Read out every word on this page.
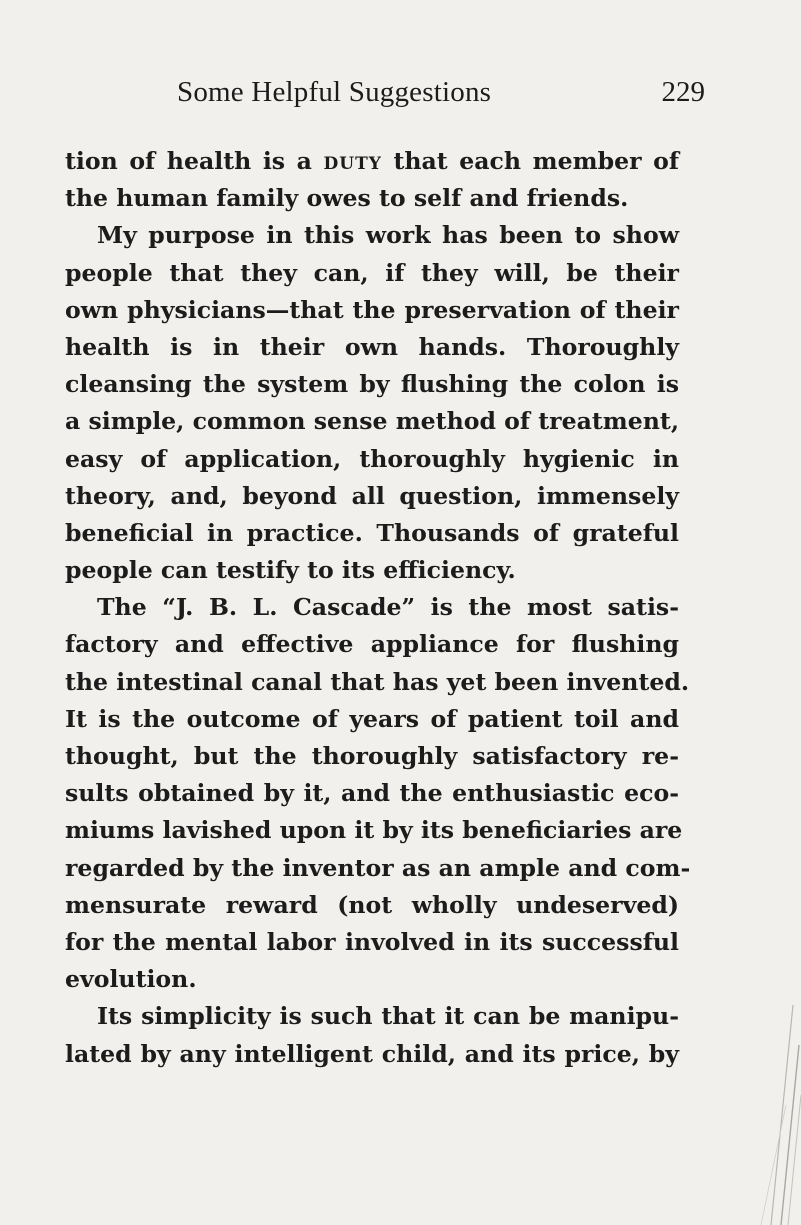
Some Helpful Suggestions	229
tion of health is a duty that each member of
the human family owes to self and friends.
My purpose in this work has been to show
people that they can, if they will, be their
own physicians—that the preservation of their
health is in their own hands. Thoroughly
cleansing the system by flushing the colon is
a simple, common sense method of treatment,
easy of application, thoroughly hygienic in
theory, and, beyond all question, immensely
beneficial in practice. Thousands of grateful
people can testify to its efficiency.
The “J. B. L. Cascade” is the most satis-
factory and effective appliance for flushing
the intestinal canal that has yet been invented.
It is the outcome of years of patient toil and
thought, but the thoroughly satisfactory re-
sults obtained by it, and the enthusiastic eco-
miums lavished upon it by its beneficiaries are
regarded by the inventor as an ample and com-
mensurate reward (not wholly undeserved)
for the mental labor involved in its successful
evolution.
Its simplicity is such that it can be manipu-
lated by any intelligent child, and its price, by
